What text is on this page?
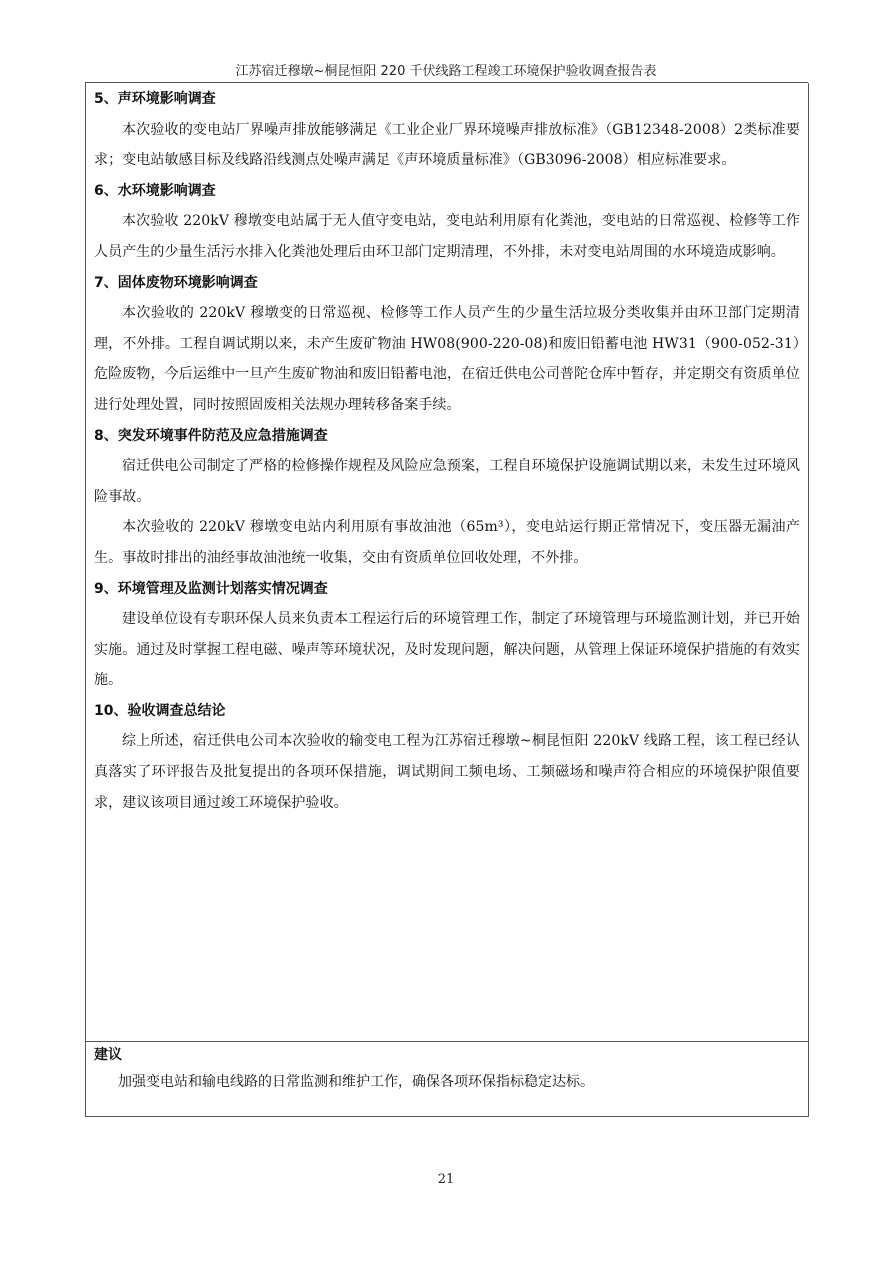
江苏宿迁穆墩~桐昆恒阳 220 千伏线路工程竣工环境保护验收调查报告表

5、声环境影响调查

本次验收的变电站厂界噪声排放能够满足《工业企业厂界环境噪声排放标准》（GB12348-2008）2类标准要求；变电站敏感目标及线路沿线测点处噪声满足《声环境质量标准》（GB3096-2008）相应标准要求。

6、水环境影响调查

本次验收 220kV 穆墩变电站属于无人值守变电站，变电站利用原有化粪池，变电站的日常巡视、检修等工作人员产生的少量生活污水排入化粪池处理后由环卫部门定期清理，不外排，未对变电站周围的水环境造成影响。

7、固体废物环境影响调查

本次验收的 220kV 穆墩变的日常巡视、检修等工作人员产生的少量生活垃圾分类收集并由环卫部门定期清理，不外排。工程自调试期以来，未产生废矿物油 HW08(900-220-08)和废旧铅蓄电池 HW31（900-052-31）危险废物，今后运维中一旦产生废矿物油和废旧铅蓄电池，在宿迁供电公司普陀仓库中暂存，并定期交有资质单位进行处理处置，同时按照固废相关法规办理转移备案手续。

8、突发环境事件防范及应急措施调查

宿迁供电公司制定了严格的检修操作规程及风险应急预案，工程自环境保护设施调试期以来，未发生过环境风险事故。

本次验收的 220kV 穆墩变电站内利用原有事故油池（65m³），变电站运行期正常情况下，变压器无漏油产生。事故时排出的油经事故油池统一收集，交由有资质单位回收处理，不外排。

9、环境管理及监测计划落实情况调查

建设单位设有专职环保人员来负责本工程运行后的环境管理工作，制定了环境管理与环境监测计划，并已开始实施。通过及时掌握工程电磁、噪声等环境状况，及时发现问题，解决问题，从管理上保证环境保护措施的有效实施。

10、验收调查总结论

综上所述，宿迁供电公司本次验收的输变电工程为江苏宿迁穆墩~桐昆恒阳 220kV 线路工程，该工程已经认真落实了环评报告及批复提出的各项环保措施，调试期间工频电场、工频磁场和噪声符合相应的环境保护限值要求，建议该项目通过竣工环境保护验收。

建议

加强变电站和输电线路的日常监测和维护工作，确保各项环保指标稳定达标。

21
